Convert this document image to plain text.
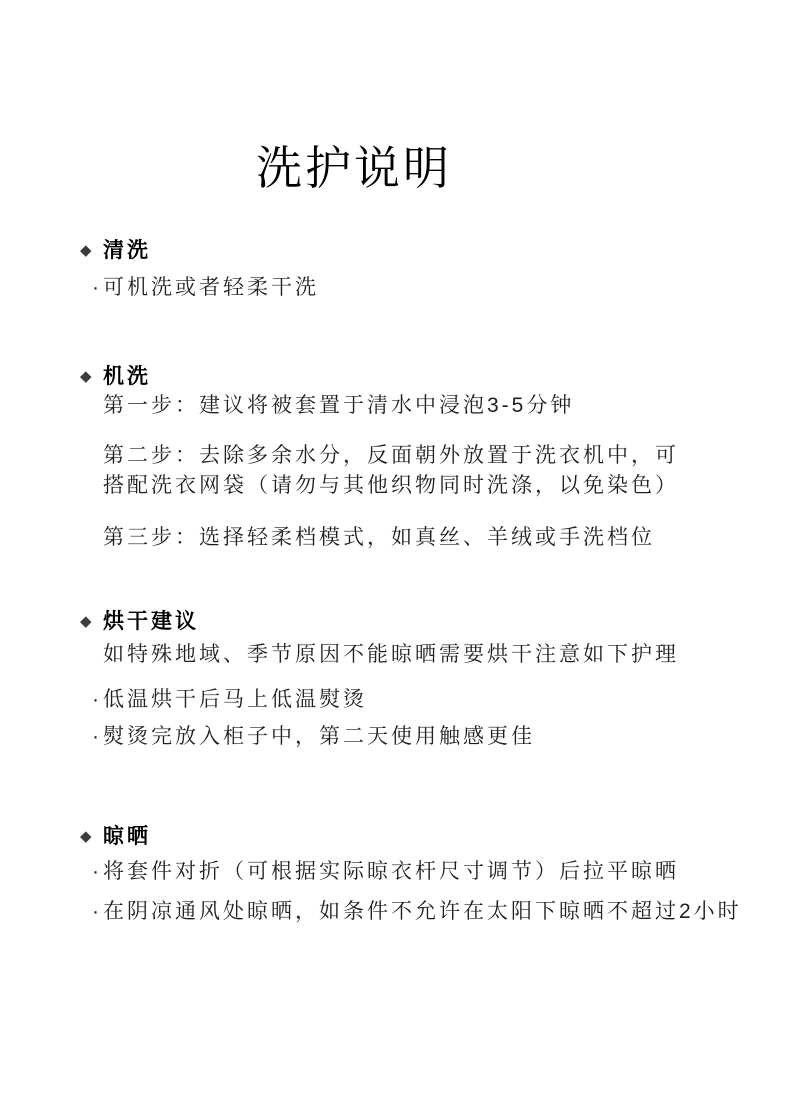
洗护说明
◆ 清洗
· 可机洗或者轻柔干洗
◆ 机洗
第一步：建议将被套置于清水中浸泡3-5分钟
第二步：去除多余水分，反面朝外放置于洗衣机中，可
搭配洗衣网袋（请勿与其他织物同时洗涤，以免染色）
第三步：选择轻柔档模式，如真丝、羊绒或手洗档位
◆ 烘干建议
如特殊地域、季节原因不能晾晒需要烘干注意如下护理
· 低温烘干后马上低温熨烫
· 熨烫完放入柜子中，第二天使用触感更佳
◆ 晾晒
· 将套件对折（可根据实际晾衣杆尺寸调节）后拉平晾晒
· 在阴凉通风处晾晒，如条件不允许在太阳下晾晒不超过2小时
